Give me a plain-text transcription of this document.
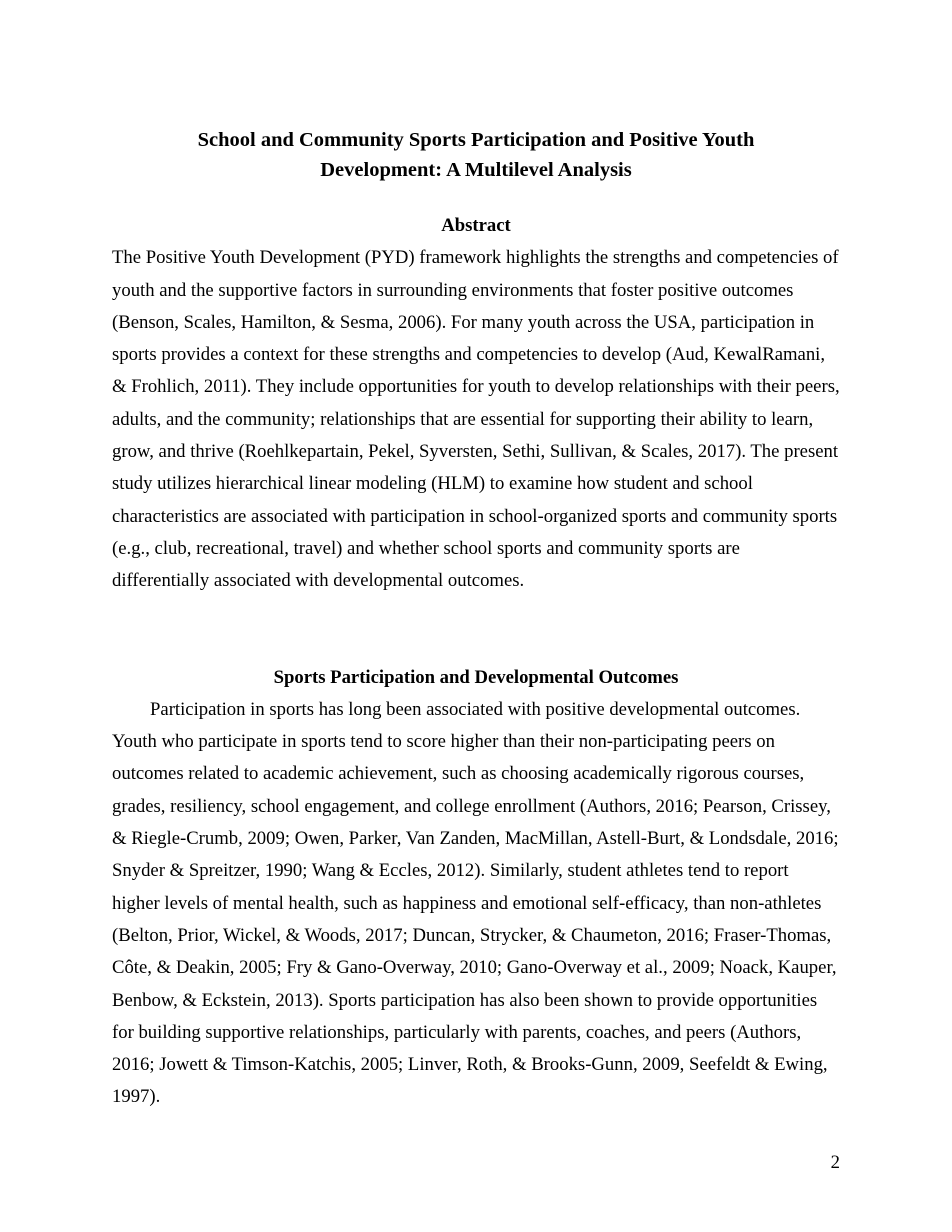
School and Community Sports Participation and Positive Youth
Development: A Multilevel Analysis
Abstract

The Positive Youth Development (PYD) framework highlights the strengths and competencies of youth and the supportive factors in surrounding environments that foster positive outcomes (Benson, Scales, Hamilton, & Sesma, 2006). For many youth across the USA, participation in sports provides a context for these strengths and competencies to develop (Aud, KewalRamani, & Frohlich, 2011). They include opportunities for youth to develop relationships with their peers, adults, and the community; relationships that are essential for supporting their ability to learn, grow, and thrive (Roehlkepartain, Pekel, Syversten, Sethi, Sullivan, & Scales, 2017). The present study utilizes hierarchical linear modeling (HLM) to examine how student and school characteristics are associated with participation in school-organized sports and community sports (e.g., club, recreational, travel) and whether school sports and community sports are differentially associated with developmental outcomes.

Sports Participation and Developmental Outcomes

Participation in sports has long been associated with positive developmental outcomes. Youth who participate in sports tend to score higher than their non-participating peers on outcomes related to academic achievement, such as choosing academically rigorous courses, grades, resiliency, school engagement, and college enrollment (Authors, 2016; Pearson, Crissey, & Riegle-Crumb, 2009; Owen, Parker, Van Zanden, MacMillan, Astell-Burt, & Londsdale, 2016; Snyder & Spreitzer, 1990; Wang & Eccles, 2012). Similarly, student athletes tend to report higher levels of mental health, such as happiness and emotional self-efficacy, than non-athletes (Belton, Prior, Wickel, & Woods, 2017; Duncan, Strycker, & Chaumeton, 2016; Fraser-Thomas, Côte, & Deakin, 2005; Fry & Gano-Overway, 2010; Gano-Overway et al., 2009; Noack, Kauper, Benbow, & Eckstein, 2013). Sports participation has also been shown to provide opportunities for building supportive relationships, particularly with parents, coaches, and peers (Authors, 2016; Jowett & Timson-Katchis, 2005; Linver, Roth, & Brooks-Gunn, 2009, Seefeldt & Ewing, 1997).

2
